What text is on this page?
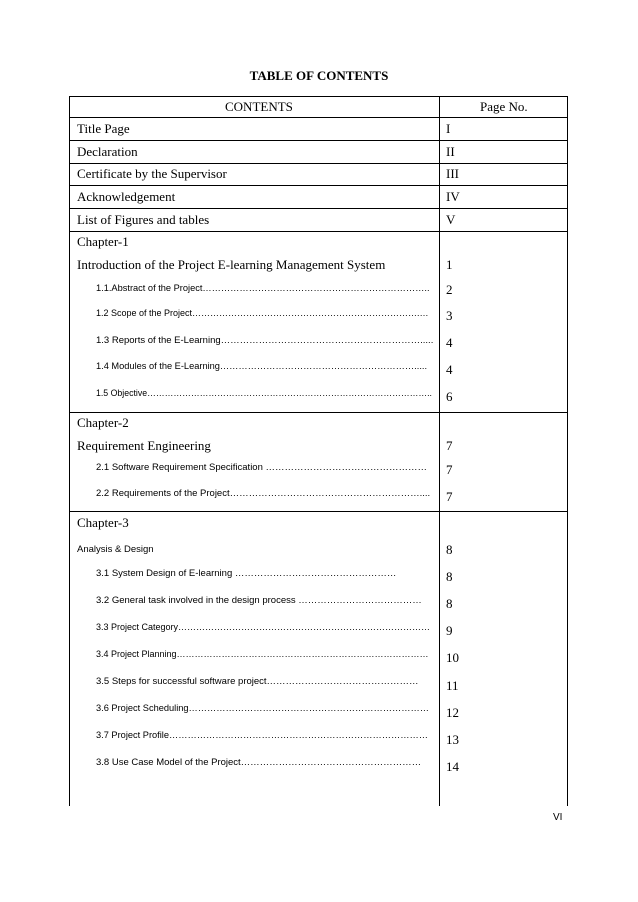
TABLE OF CONTENTS
CONTENTS	Page No.
Title Page	I
Declaration	II
Certificate by the Supervisor	III
Acknowledgement	IV
List of Figures and tables	V
Chapter-1
Introduction of the Project E-learning Management System	1
1.1.Abstract of the Project……………………………………………………………….. 2
1.2 Scope of the Project………………………………………………………………….… 3
1.3 Reports of the E-Learning………………………………………………………..... 4
1.4 Modules of the E-Learning………………………………………………………..... 4
1.5 Objective…………………………………………………………………………………….. 6
Chapter-2
Requirement Engineering	7
2.1 Software Requirement Specification …………………………………………… 7
2.2 Requirements of the Project…………………………………………………….... 7
Chapter-3
Analysis & Design	8
3.1 System Design of E-learning ……………………………………………	8
3.2 General task involved in the design process ………………………………… 8
3.3 Project Category………………………………………………………………………… 9
3.4 Project Planning………………………………………………………………………… 10
3.5 Steps for successful software project………………………………………… 11
3.6 Project Scheduling…………………………………………………………………… 12
3.7 Project Profile………………………………………………………………………… 13
3.8 Use Case Model of the Project………………………………………………… 14
VI
